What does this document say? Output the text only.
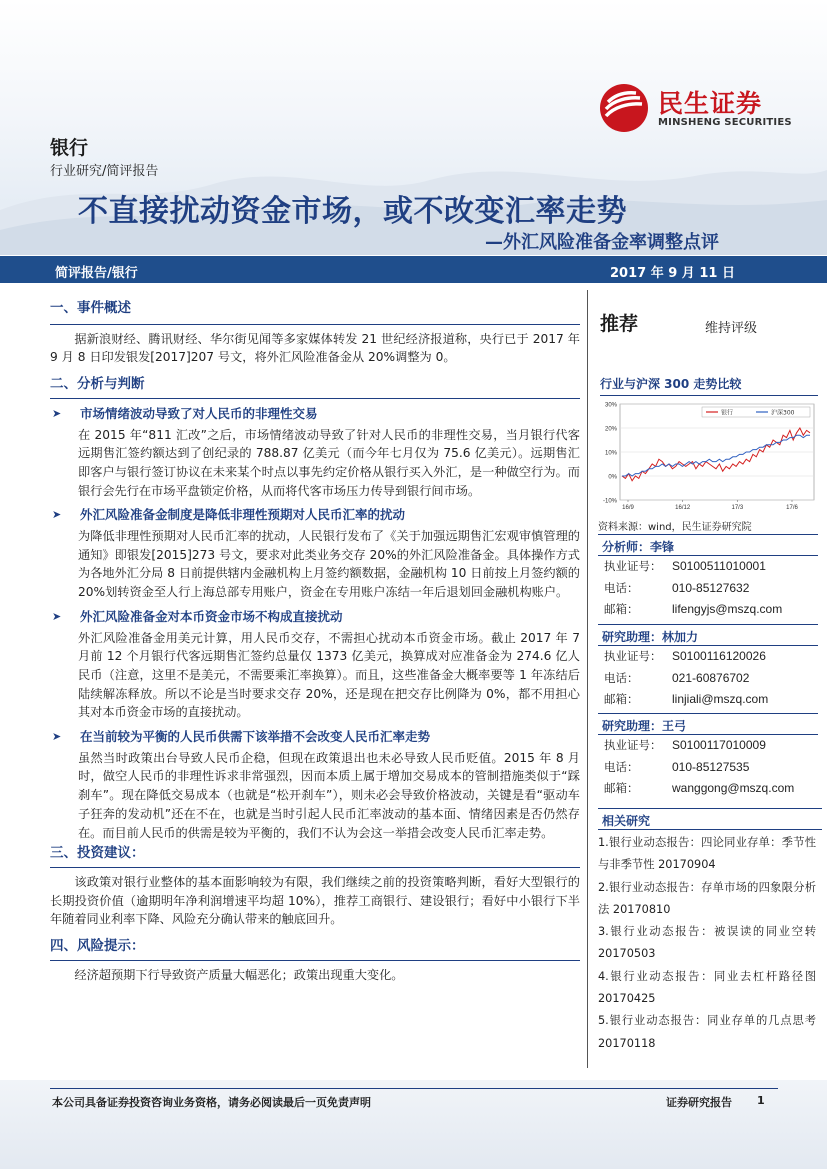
民生证券
MINSHENG SECURITIES
银行
行业研究/简评报告
不直接扰动资金市场，或不改变汇率走势
—外汇风险准备金率调整点评
简评报告/银行	2017 年 9 月 11 日

一、事件概述

据新浪财经、腾讯财经、华尔街见闻等多家媒体转发 21 世纪经济报道称，央行已于 2017 年 9 月 8 日印发银发[2017]207 号文，将外汇风险准备金从 20%调整为 0。

二、分析与判断

➤	市场情绪波动导致了对人民币的非理性交易

在 2015 年“811 汇改”之后，市场情绪波动导致了针对人民币的非理性交易，当月银行代客远期售汇签约额达到了创纪录的 788.87 亿美元（而今年七月仅为 75.6 亿美元）。远期售汇即客户与银行签订协议在未来某个时点以事先约定价格从银行买入外汇，是一种做空行为。而银行会先行在市场平盘锁定价格，从而将代客市场压力传导到银行间市场。

➤	外汇风险准备金制度是降低非理性预期对人民币汇率的扰动

为降低非理性预期对人民币汇率的扰动，人民银行发布了《关于加强远期售汇宏观审慎管理的通知》即银发[2015]273 号文，要求对此类业务交存 20%的外汇风险准备金。具体操作方式为各地外汇分局 8 日前提供辖内金融机构上月签约额数据，金融机构 10 日前按上月签约额的 20%划转资金至人行上海总部专用账户，资金在专用账户冻结一年后退划回金融机构账户。

➤	外汇风险准备金对本币资金市场不构成直接扰动

外汇风险准备金用美元计算，用人民币交存，不需担心扰动本币资金市场。截止 2017 年 7 月前 12 个月银行代客远期售汇签约总量仅 1373 亿美元，换算成对应准备金为 274.6 亿人民币（注意，这里不是美元，不需要乘汇率换算）。而且，这些准备金大概率要等 1 年冻结后陆续解冻释放。所以不论是当时要求交存 20%，还是现在把交存比例降为 0%，都不用担心其对本币资金市场的直接扰动。

➤	在当前较为平衡的人民币供需下该举措不会改变人民币汇率走势

虽然当时政策出台导致人民币企稳，但现在政策退出也未必导致人民币贬值。2015 年 8 月时，做空人民币的非理性诉求非常强烈，因而本质上属于增加交易成本的管制措施类似于“踩刹车”。现在降低交易成本（也就是“松开刹车”），则未必会导致价格波动，关键是看“驱动车子狂奔的发动机”还在不在，也就是当时引起人民币汇率波动的基本面、情绪因素是否仍然存在。而目前人民币的供需是较为平衡的，我们不认为会这一举措会改变人民币汇率走势。

三、投资建议：

该政策对银行业整体的基本面影响较为有限，我们继续之前的投资策略判断，看好大型银行的长期投资价值（逾期明年净利润增速平均超 10%），推荐工商银行、建设银行；看好中小银行下半年随着同业利率下降、风险充分确认带来的触底回升。

四、风险提示：

经济超预期下行导致资产质量大幅恶化；政策出现重大变化。

推荐	维持评级
行业与沪深 300 走势比较
30%
20%
10%
0%
-10%
16/9	16/12	17/3	17/6
银行	沪深300
资料来源：wind，民生证券研究院
分析师：李锋
执业证号： S0100511010001
电话：	010-85127632
邮箱：	lifengyjs@mszq.com
研究助理：林加力
执业证号： S0100116120026
电话：	021-60876702
邮箱：	linjiali@mszq.com
研究助理：王弓
执业证号： S0100117010009
电话：	010-85127535
邮箱：	wanggong@mszq.com
相关研究
1.银行业动态报告：四论同业存单：季节性与非季节性 20170904
2.银行业动态报告：存单市场的四象限分析法 20170810
3.银行业动态报告：被误读的同业空转 20170503
4.银行业动态报告：同业去杠杆路径图 20170425
5.银行业动态报告：同业存单的几点思考 20170118
本公司具备证券投资咨询业务资格，请务必阅读最后一页免责声明	证券研究报告 1
